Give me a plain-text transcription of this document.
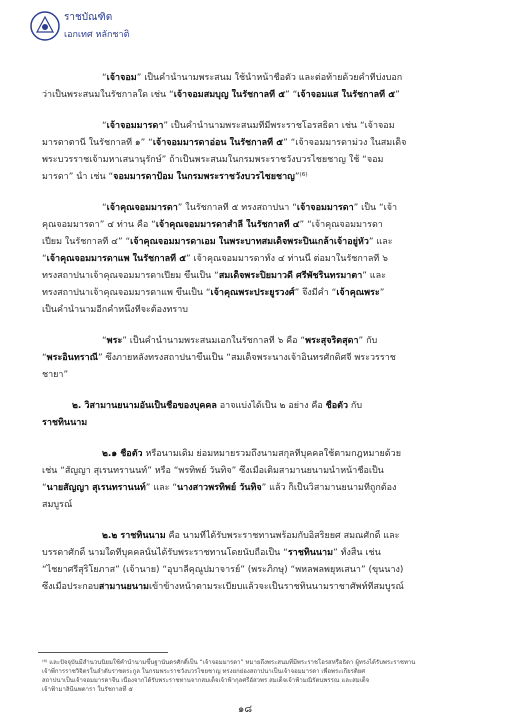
ราชบัณฑิต
เอกเทศ หลักชาติ
“เจ้าจอม” เป็นคำนำนามพระสนม ใช้นำหน้าชื่อตัว และต่อท้ายด้วยคำที่บ่งบอก
ว่าเป็นพระสนมในรัชกาลใด เช่น “เจ้าจอมสมบุญ ในรัชกาลที่ ๕” “เจ้าจอมแส ในรัชกาลที่ ๕”
“เจ้าจอมมารดา” เป็นคำนำนามพระสนมที่มีพระราชโอรสธิดา เช่น “เจ้าจอม
มารดาตานี ในรัชกาลที่ ๑” “เจ้าจอมมารดาอ่อน ในรัชกาลที่ ๕” “เจ้าจอมมารดาม่วง ในสมเด็จ
พระบวรราชเจ้ามหาเสนานุรักษ์” ถ้าเป็นพระสนมในกรมพระราชวังบวรไชยชาญ ใช้ “จอม
มารดา” นำ เช่น “จอมมารดาป้อม ในกรมพระราชวังบวรไชยชาญ”⁽⁶⁾
“เจ้าคุณจอมมารดา” ในรัชกาลที่ ๕ ทรงสถาปนา “เจ้าจอมมารดา” เป็น “เจ้า
คุณจอมมารดา” ๔ ท่าน คือ “เจ้าคุณจอมมารดาสำลี ในรัชกาลที่ ๔” “เจ้าคุณจอมมารดา
เปี่ยม ในรัชกาลที่ ๔” “เจ้าคุณจอมมารดาเอม ในพระบาทสมเด็จพระปิ่นเกล้าเจ้าอยู่หัว” และ
“เจ้าคุณจอมมารดาแพ ในรัชกาลที่ ๕” เจ้าคุณจอมมารดาทั้ง ๔ ท่านนี้ ต่อมาในรัชกาลที่ ๖
ทรงสถาปนาเจ้าคุณจอมมารดาเปี่ยม ขึ้นเป็น “สมเด็จพระปิยมาวดี ศรีพัชรินทรมาตา” และ
ทรงสถาปนาเจ้าคุณจอมมารดาแพ ขึ้นเป็น “เจ้าคุณพระประยูรวงศ์” จึงมีคำ “เจ้าคุณพระ”
เป็นคำนำนามอีกคำหนึ่งที่จะต้องทราบ
“พระ” เป็นคำนำนามพระสนมเอกในรัชกาลที่ ๖ คือ “พระสุจริตสุดา” กับ
“พระอินทราณี” ซึ่งภายหลังทรงสถาปนาขึ้นเป็น “สมเด็จพระนางเจ้าอินทรศักดิศจี พระวรราช
ชายา”
๒. วิสามานยนามอันเป็นชื่อของบุคคล อาจแบ่งได้เป็น ๒ อย่าง คือ ชื่อตัว กับ
ราชทินนาม
๒.๑ ชื่อตัว หรือนามเดิม ย่อมหมายรวมถึงนามสกุลที่บุคคลใช้ตามกฎหมายด้วย
เช่น “สัญญา สุเรนทรานนท์” หรือ “พรทิพย์ วันทิจ” ซึ่งเมื่อเติมสามานยนามนำหน้าชื่อเป็น
“นายสัญญา สุเรนทรานนท์” และ “นางสาวพรทิพย์ วันทิจ” แล้ว ก็เป็นวิสามานยนามที่ถูกต้อง
สมบูรณ์
๒.๒ ราชทินนาม คือ นามที่ได้รับพระราชทานพร้อมกับอิสริยยศ สมณศักดิ์ และ
บรรดาศักดิ์ นามใดที่บุคคลนั้นได้รับพระราชทานโดยนับถือเป็น “ราชทินนาม” ทั้งสิ้น เช่น
“ไชยาศรีสุริโยภาส” (เจ้านาย) “อุบาลีคุณูปมาจารย์” (พระภิกษุ) “พหลพลพยุหเสนา” (ขุนนาง)
ซึ่งเมื่อประกอบสามานยนามเข้าข้างหน้าตามระเบียบแล้วจะเป็นราชทินนามราชาศัพท์ที่สมบูรณ์
⁽⁶⁾ และปัจจุบันมีสำนวนนิยมใช้คำนำนามขึ้นฐานันดรศักดิ์เป็น “เจ้าจอมมารดา” หมายถึงพระสนมที่มีพระราชโอรสหรือธิดา ผู้ทรงได้รับพระราชทาน
เจ้าพี่การราชวิจิตรในลำดับราชตระกูล ในกรมพระราชวังบวรไชยชาญ ทรงยกย่องสถาปนาเป็นเจ้าจอมมารดา เพื่อพระเกียรติยศ
สถาปนาเป็นเจ้าจอมมารดาจีน เนื่องจากได้รับพระราชทานจากสมเด็จเจ้าฟ้ากุลศรีอัสวพร สมเด็จเจ้าฟ้ามณิรัตนพรรณ และสมเด็จ
เจ้าฟ้ามาลินีนพดารา ในรัชกาลที่ ๕
๑๘
